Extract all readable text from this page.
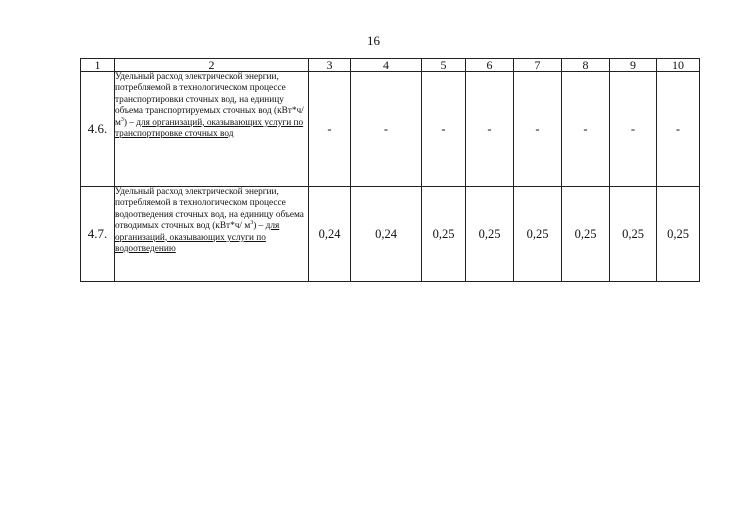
16
1	2	3	4	5	6	7	8	9	10
4.6.	Удельный расход электрической энергии, потребляемой в технологическом процессе транспортировки сточных вод, на единицу объема транспортируемых сточных вод (кВт*ч/ $м^3$) – для организаций, оказывающих услуги по транспортировке сточных вод	-	-	-	-	-	-	-	-
4.7.	Удельный расход электрической энергии, потребляемой в технологическом процессе водоотведения сточных вод, на единицу объема отводимых сточных вод (кВт*ч/ $м^3$) – для организаций, оказывающих услуги по водоотведению	0,24	0,24	0,25	0,25	0,25	0,25	0,25	0,25
